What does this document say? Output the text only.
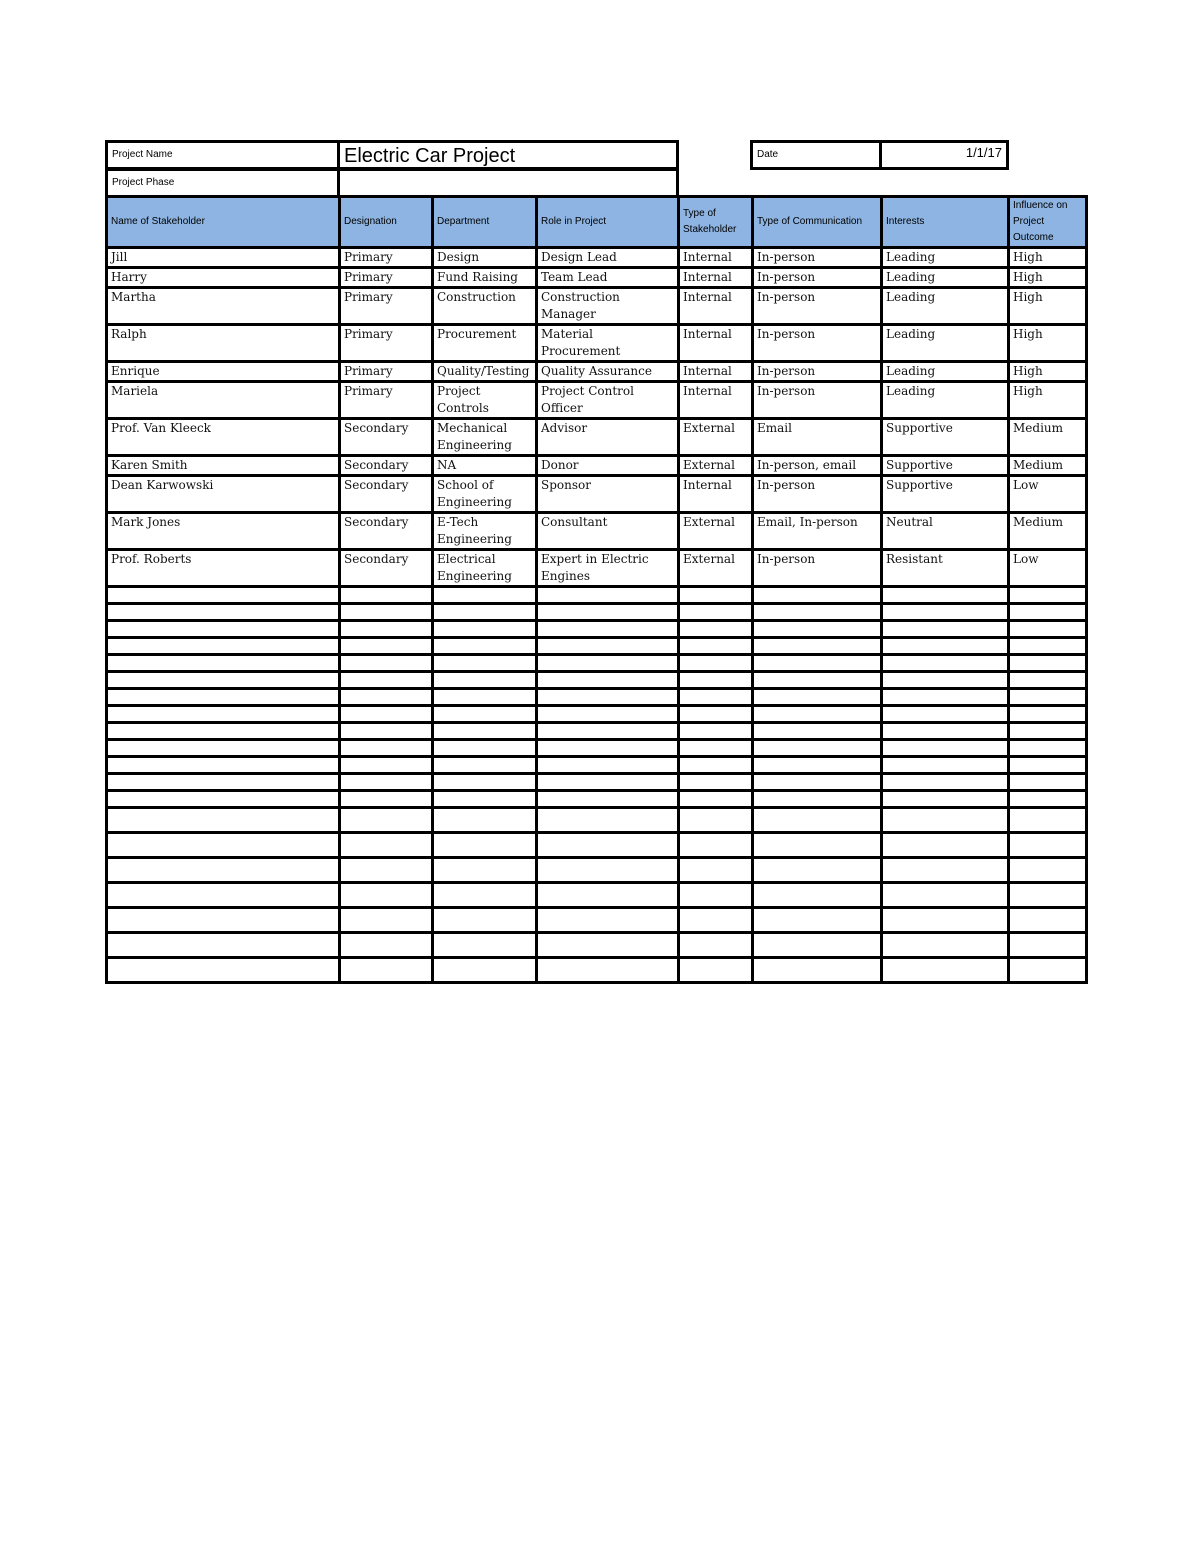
Project Name	Electric Car Project
Project Phase
Date	1/1/17
Name of Stakeholder	Designation	Department	Role in Project	Type of Stakeholder	Type of Communication	Interests	Influence on Project Outcome
Jill	Primary	Design	Design Lead	Internal	In-person	Leading	High
Harry	Primary	Fund Raising	Team Lead	Internal	In-person	Leading	High
Martha	Primary	Construction	Construction Manager	Internal	In-person	Leading	High
Ralph	Primary	Procurement	Material Procurement	Internal	In-person	Leading	High
Enrique	Primary	Quality/Testing	Quality Assurance	Internal	In-person	Leading	High
Mariela	Primary	Project Controls	Project Control Officer	Internal	In-person	Leading	High
Prof. Van Kleeck	Secondary	Mechanical Engineering	Advisor	External	Email	Supportive	Medium
Karen Smith	Secondary	NA	Donor	External	In-person, email	Supportive	Medium
Dean Karwowski	Secondary	School of Engineering	Sponsor	Internal	In-person	Supportive	Low
Mark Jones	Secondary	E-Tech Engineering	Consultant	External	Email, In-person	Neutral	Medium
Prof. Roberts	Secondary	Electrical Engineering	Expert in Electric Engines	External	In-person	Resistant	Low
